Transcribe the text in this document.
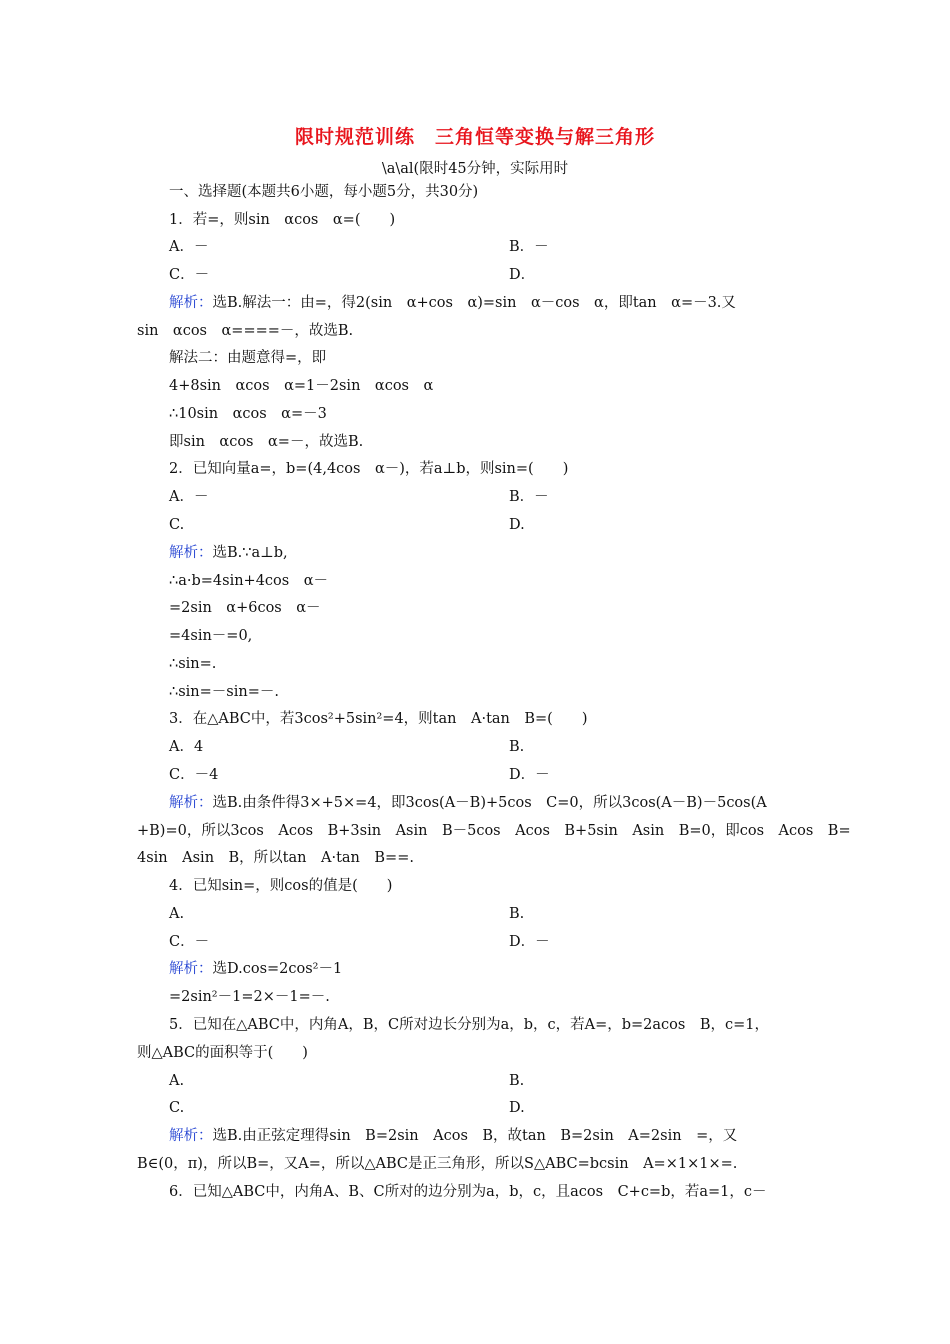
限时规范训练　三角恒等变换与解三角形
\a\al(限时45分钟，实际用时
一、选择题(本题共6小题，每小题5分，共30分)
1．若=，则sin　αcos　α=(　　)
A．－	B．－
C．－	D．
解析：选B.解法一：由=，得2(sin　α+cos　α)=sin　α－cos　α，即tan　α=－3.又
sin　αcos　α====－，故选B.
解法二：由题意得=，即
4+8sin　αcos　α=1－2sin　αcos　α
∴10sin　αcos　α=－3
即sin　αcos　α=－，故选B.
2．已知向量a=，b=(4,4cos　α－)，若a⊥b，则sin=(　　)
A．－	B．－
C.	D.
解析：选B.∵a⊥b,
∴a·b=4sin+4cos　α－
=2sin　α+6cos　α－
=4sin－=0,
∴sin=.
∴sin=－sin=－.
3．在△ABC中，若3cos²+5sin²=4，则tan　A·tan　B=(　　)
A．4	B.
C．－4	D．－
解析：选B.由条件得3×+5×=4，即3cos(A－B)+5cos　C=0，所以3cos(A－B)－5cos(A
+B)=0，所以3cos　Acos　B+3sin　Asin　B－5cos　Acos　B+5sin　Asin　B=0，即cos　Acos　B=
4sin　Asin　B，所以tan　A·tan　B==.
4．已知sin=，则cos的值是(　　)
A.	B.
C．－	D．－
解析：选D.cos=2cos²－1
=2sin²－1=2×－1=－.
5．已知在△ABC中，内角A，B，C所对边长分别为a，b，c，若A=，b=2acos　B，c=1，
则△ABC的面积等于(　　)
A.	B.
C.	D.
解析：选B.由正弦定理得sin　B=2sin　Acos　B，故tan　B=2sin　A=2sin　=，又
B∈(0，π)，所以B=，又A=，所以△ABC是正三角形，所以S△ABC=bcsin　A=×1×1×=.
6．已知△ABC中，内角A、B、C所对的边分别为a，b，c，且acos　C+c=b，若a=1，c－
